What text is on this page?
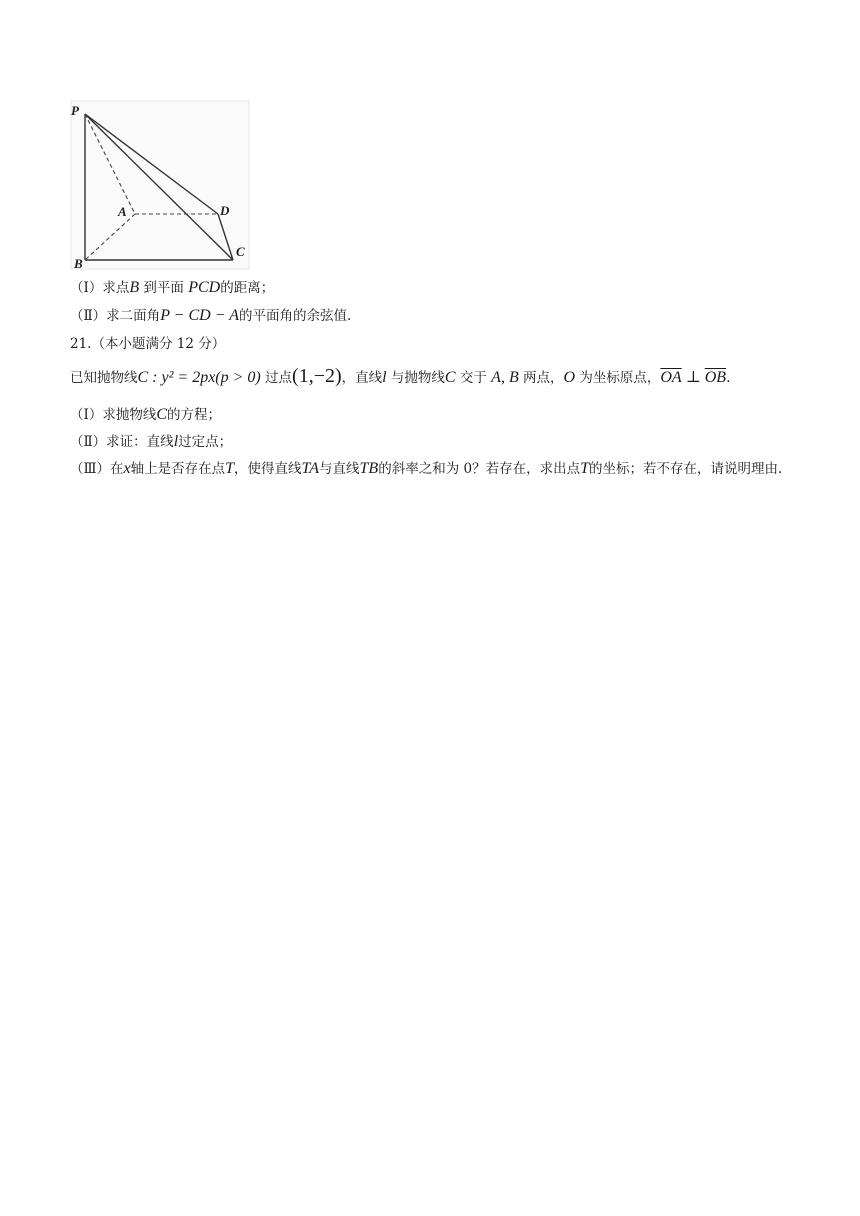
P
A	D
B
C
（Ⅰ）求点B 到平面 PCD的距离；
（Ⅱ）求二面角P − CD − A的平面角的余弦值.
21.（本小题满分 12 分）
已知抛物线C : y² = 2px(p > 0) 过点(1,−2)，直线l 与抛物线C 交于 A, B 两点，O 为坐标原点，$\overline{OA}$ ⊥ $\overline{OB}$.
（Ⅰ）求抛物线C的方程；
（Ⅱ）求证：直线l过定点；
（Ⅲ）在x轴上是否存在点T，使得直线TA与直线TB的斜率之和为 0？若存在，求出点T的坐标；若不存在，请说明理由.
